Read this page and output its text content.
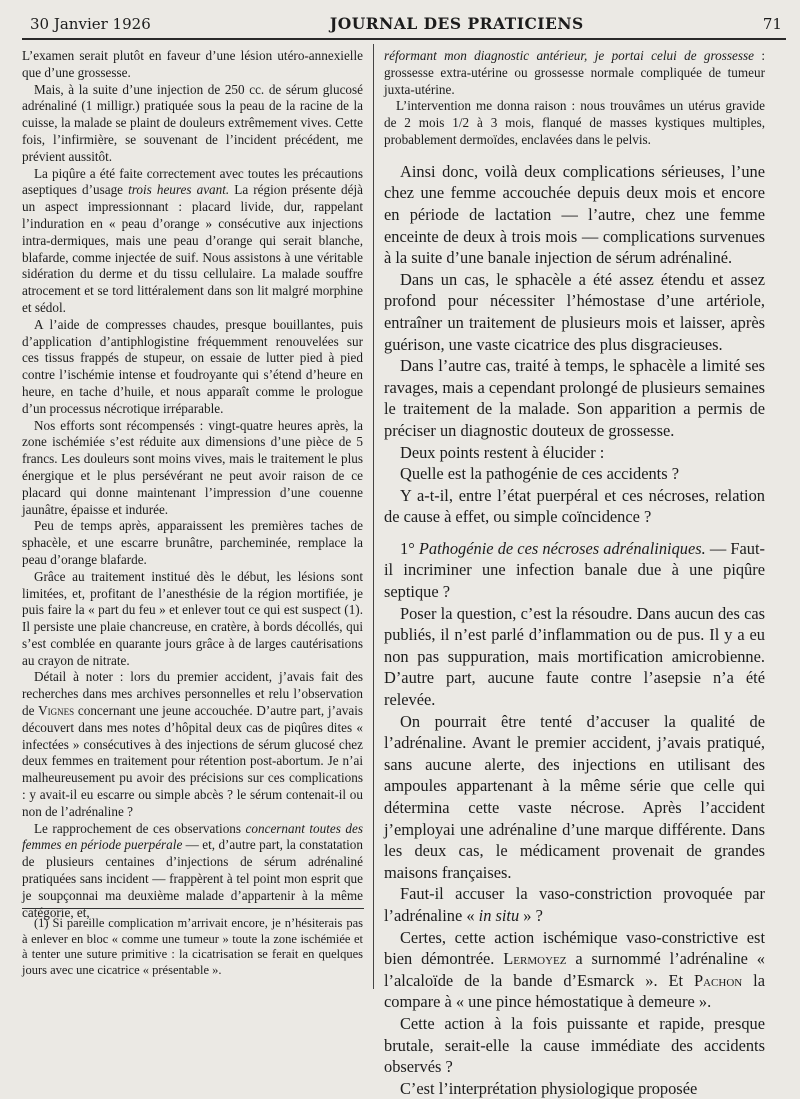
30 Janvier 1926	JOURNAL DES PRATICIENS	71

L’examen serait plutôt en faveur d’une lésion utéro-annexielle que d’une grossesse.

Mais, à la suite d’une injection de 250 cc. de sérum glucosé adrénaliné (1 milligr.) pratiquée sous la peau de la racine de la cuisse, la malade se plaint de douleurs extrêmement vives. Cette fois, l’infirmière, se souvenant de l’incident précédent, me prévient aussitôt.

La piqûre a été faite correctement avec toutes les précautions aseptiques d’usage trois heures avant. La région présente déjà un aspect impressionnant : placard livide, dur, rappelant l’induration en « peau d’orange » consécutive aux injections intra-dermiques, mais une peau d’orange qui serait blanche, blafarde, comme injectée de suif. Nous assistons à une véritable sidération du derme et du tissu cellulaire. La malade souffre atrocement et se tord littéralement dans son lit malgré morphine et sédol.

A l’aide de compresses chaudes, presque bouillantes, puis d’application d’antiphlogistine fréquemment renouvelées sur ces tissus frappés de stupeur, on essaie de lutter pied à pied contre l’ischémie intense et foudroyante qui s’étend d’heure en heure, en tache d’huile, et nous apparaît comme le prologue d’un processus nécrotique irréparable.

Nos efforts sont récompensés : vingt-quatre heures après, la zone ischémiée s’est réduite aux dimensions d’une pièce de 5 francs. Les douleurs sont moins vives, mais le traitement le plus énergique et le plus persévérant ne peut avoir raison de ce placard qui donne maintenant l’impression d’une couenne jaunâtre, épaisse et indurée.

Peu de temps après, apparaissent les premières taches de sphacèle, et une escarre brunâtre, parcheminée, remplace la peau d’orange blafarde.

Grâce au traitement institué dès le début, les lésions sont limitées, et, profitant de l’anesthésie de la région mortifiée, je puis faire la « part du feu » et enlever tout ce qui est suspect (1). Il persiste une plaie chancreuse, en cratère, à bords décollés, qui s’est comblée en quarante jours grâce à de larges cautérisations au crayon de nitrate.

Détail à noter : lors du premier accident, j’avais fait des recherches dans mes archives personnelles et relu l’observation de Vignes concernant une jeune accouchée. D’autre part, j’avais découvert dans mes notes d’hôpital deux cas de piqûres dites « infectées » consécutives à des injections de sérum glucosé chez deux femmes en traitement pour rétention post-abortum. Je n’ai malheureusement pu avoir des précisions sur ces complications : y avait-il eu escarre ou simple abcès ? le sérum contenait-il ou non de l’adrénaline ?

Le rapprochement de ces observations concernant toutes des femmes en période puerpérale — et, d’autre part, la constatation de plusieurs centaines d’injections de sérum adrénaliné pratiquées sans incident — frappèrent à tel point mon esprit que je soupçonnai ma deuxième malade d’appartenir à la même catégorie, et,

(1) Si pareille complication m’arrivait encore, je n’hésiterais pas à enlever en bloc « comme une tumeur » toute la zone ischémiée et à tenter une suture primitive : la cicatrisation se ferait en quelques jours avec une cicatrice « présentable ».

réformant mon diagnostic antérieur, je portai celui de grossesse : grossesse extra-utérine ou grossesse normale compliquée de tumeur juxta-utérine.

L’intervention me donna raison : nous trouvâmes un utérus gravide de 2 mois 1/2 à 3 mois, flanqué de masses kystiques multiples, probablement dermoïdes, enclavées dans le pelvis.

Ainsi donc, voilà deux complications sérieuses, l’une chez une femme accouchée depuis deux mois et encore en période de lactation — l’autre, chez une femme enceinte de deux à trois mois — complications survenues à la suite d’une banale injection de sérum adrénaliné.

Dans un cas, le sphacèle a été assez étendu et assez profond pour nécessiter l’hémostase d’une artériole, entraîner un traitement de plusieurs mois et laisser, après guérison, une vaste cicatrice des plus disgracieuses.

Dans l’autre cas, traité à temps, le sphacèle a limité ses ravages, mais a cependant prolongé de plusieurs semaines le traitement de la malade. Son apparition a permis de préciser un diagnostic douteux de grossesse.

Deux points restent à élucider :

Quelle est la pathogénie de ces accidents ?

Y a-t-il, entre l’état puerpéral et ces nécroses, relation de cause à effet, ou simple coïncidence ?

1° Pathogénie de ces nécroses adrénaliniques. — Faut-il incriminer une infection banale due à une piqûre septique ?

Poser la question, c’est la résoudre. Dans aucun des cas publiés, il n’est parlé d’inflammation ou de pus. Il y a eu non pas suppuration, mais mortification amicrobienne. D’autre part, aucune faute contre l’asepsie n’a été relevée.

On pourrait être tenté d’accuser la qualité de l’adrénaline. Avant le premier accident, j’avais pratiqué, sans aucune alerte, des injections en utilisant des ampoules appartenant à la même série que celle qui détermina cette vaste nécrose. Après l’accident j’employai une adrénaline d’une marque différente. Dans les deux cas, le médicament provenait de grandes maisons françaises.

Faut-il accuser la vaso-constriction provoquée par l’adrénaline « in situ » ?

Certes, cette action ischémique vaso-constrictive est bien démontrée. Lermoyez a surnommé l’adrénaline « l’alcaloïde de la bande d’Esmarck ». Et Pachon la compare à « une pince hémostatique à demeure ».

Cette action à la fois puissante et rapide, presque brutale, serait-elle la cause immédiate des accidents observés ?

C’est l’interprétation physiologique proposée
